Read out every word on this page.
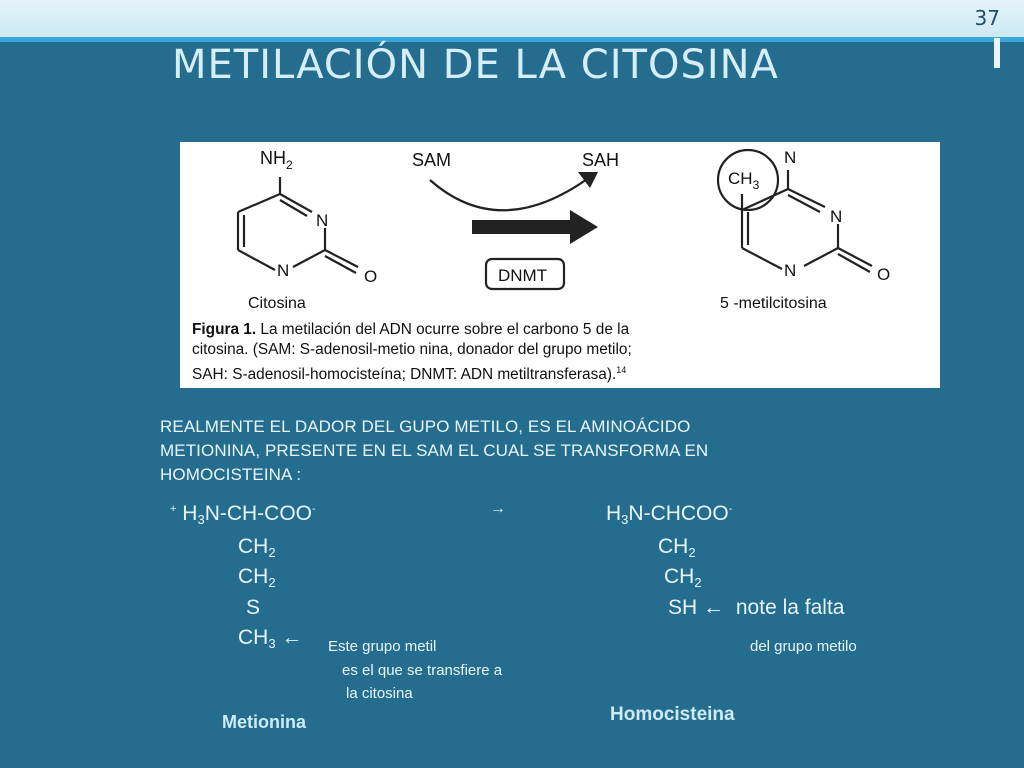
37
METILACIÓN DE LA CITOSINA
$NH_2$
N
N	O
Citosina
SAM	SAH
DNMT
N
$CH_3$
N
N	O
5 -metilcitosina
Figura 1. La metilación del ADN ocurre sobre el carbono 5 de la
citosina. (SAM: S-adenosil-metio nina, donador del grupo metilo;
SAH: S-adenosil-homocisteína; DNMT: ADN metiltransferasa).$^{14}$
REALMENTE EL DADOR DEL GUPO METILO, ES EL AMINOÁCIDO
METIONINA, PRESENTE EN EL SAM EL CUAL SE TRANSFORMA EN
HOMOCISTEINA :
+ $H_3N-CH-COO^-$	→
$CH_2$
$CH_2$
S
$CH_3$ ←
$H_3N-CHCOO^-$
$CH_2$
$CH_2$
SH ← note la falta
Este grupo metil	del grupo metilo
es el que se transfiere a
la citosina
Metionina	Homocisteina
